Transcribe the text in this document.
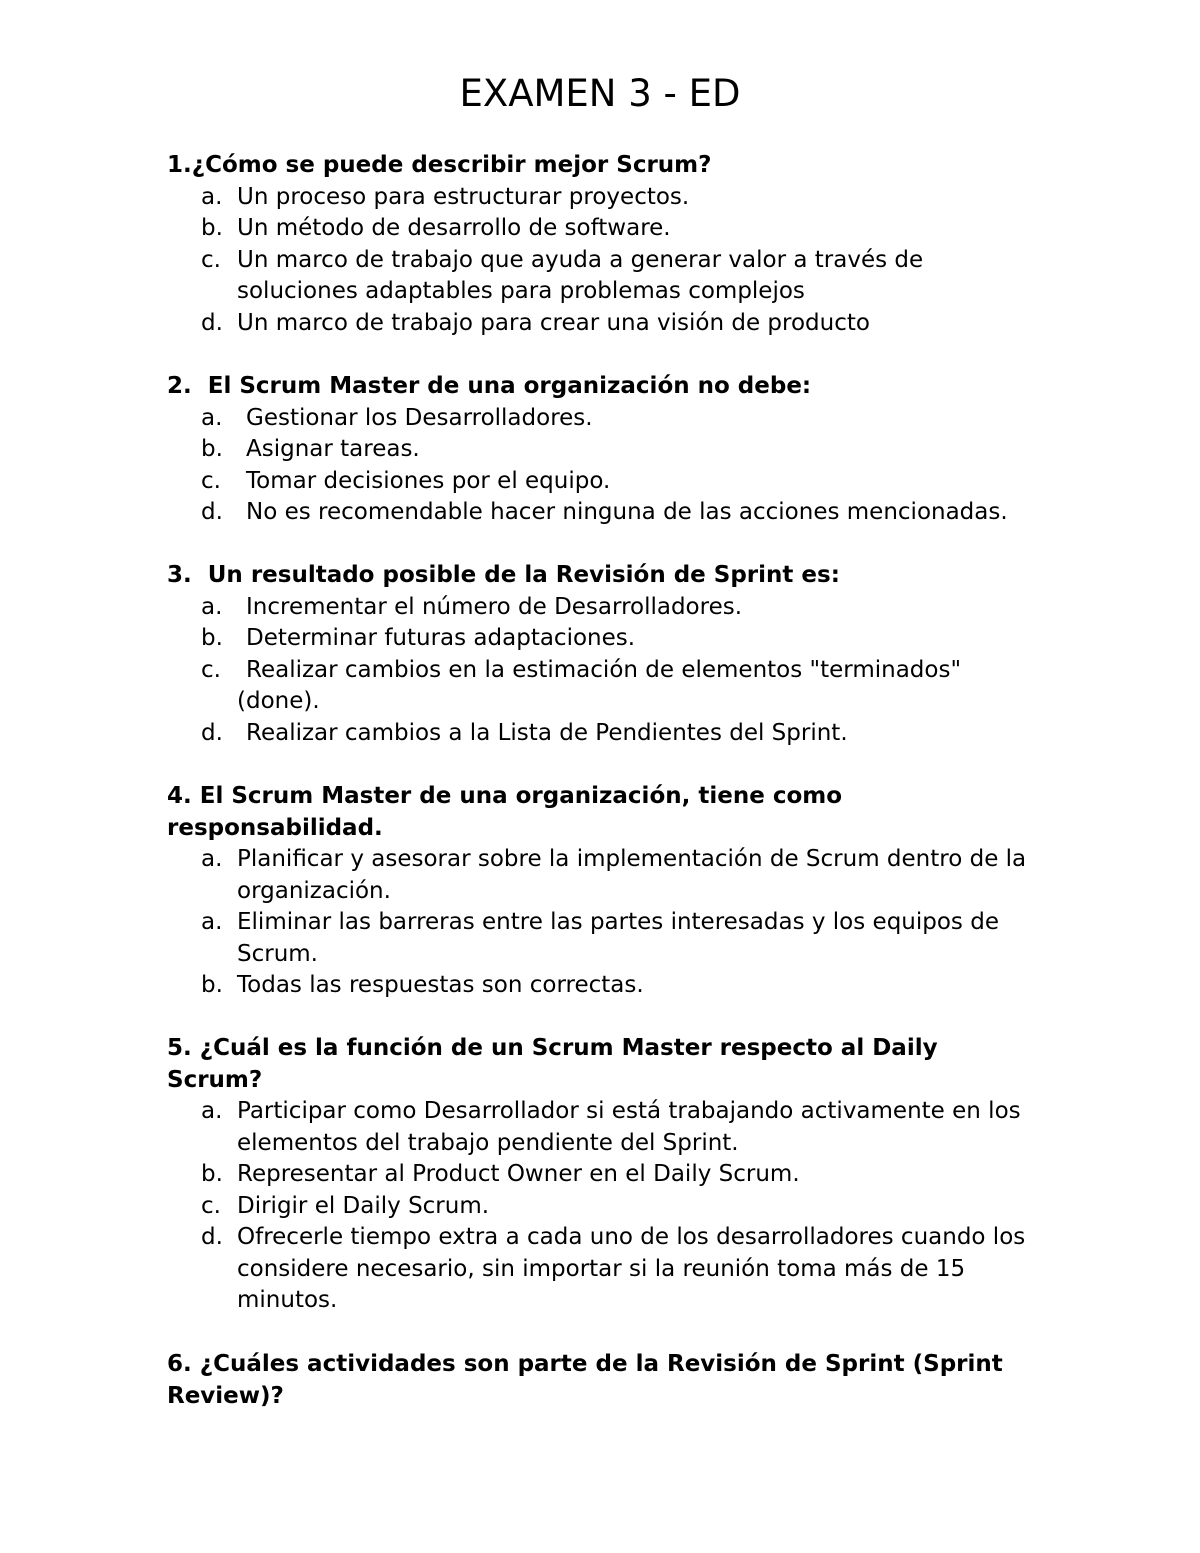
EXAMEN 3 - ED

1.¿Cómo se puede describir mejor Scrum?

a. Un proceso para estructurar proyectos.
b. Un método de desarrollo de software.
c. Un marco de trabajo que ayuda a generar valor a través de soluciones adaptables para problemas complejos
d. Un marco de trabajo para crear una visión de producto

2.  El Scrum Master de una organización no debe:

a. Gestionar los Desarrolladores.
b. Asignar tareas.
c. Tomar decisiones por el equipo.
d. No es recomendable hacer ninguna de las acciones mencionadas.

3.  Un resultado posible de la Revisión de Sprint es:

a. Incrementar el número de Desarrolladores.
b. Determinar futuras adaptaciones.
c. Realizar cambios en la estimación de elementos "terminados" (done).
d. Realizar cambios a la Lista de Pendientes del Sprint.

4. El Scrum Master de una organización, tiene como responsabilidad.

a. Planificar y asesorar sobre la implementación de Scrum dentro de la organización.
a. Eliminar las barreras entre las partes interesadas y los equipos de Scrum.
b. Todas las respuestas son correctas.

5. ¿Cuál es la función de un Scrum Master respecto al Daily Scrum?

a. Participar como Desarrollador si está trabajando activamente en los elementos del trabajo pendiente del Sprint.
b. Representar al Product Owner en el Daily Scrum.
c. Dirigir el Daily Scrum.
d. Ofrecerle tiempo extra a cada uno de los desarrolladores cuando los considere necesario, sin importar si la reunión toma más de 15 minutos.

6. ¿Cuáles actividades son parte de la Revisión de Sprint (Sprint Review)?
